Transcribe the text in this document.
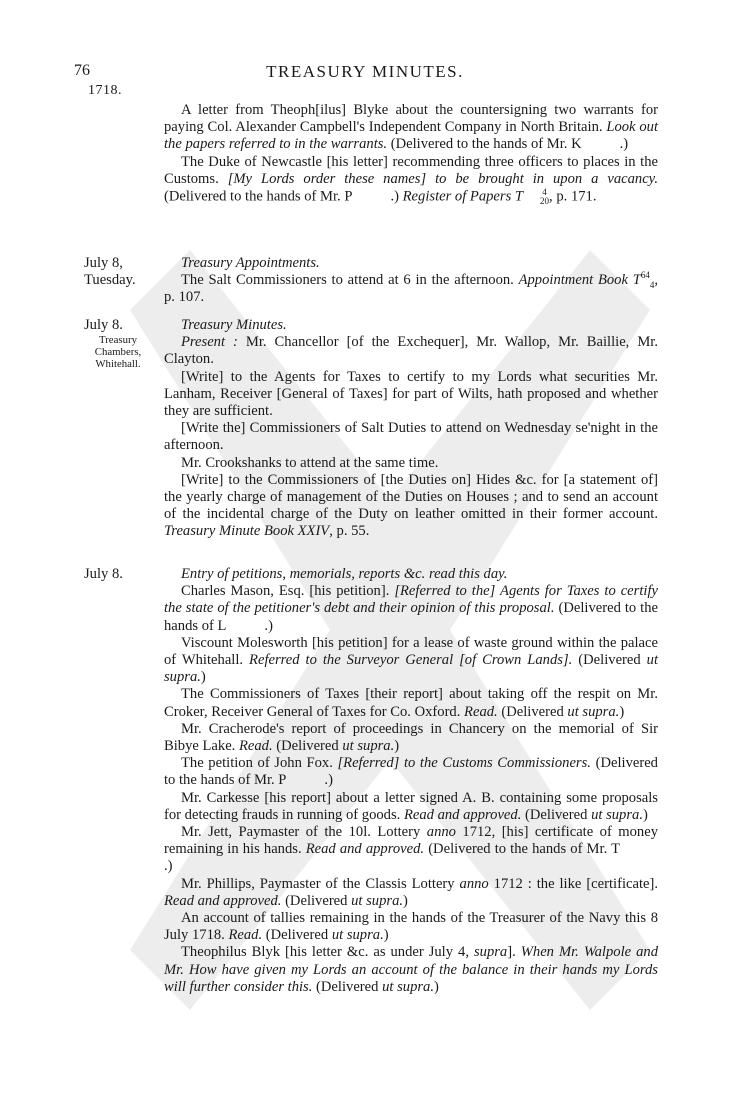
76	TREASURY MINUTES.
1718.

A letter from Theoph[ilus] Blyke about the countersigning two warrants for paying Col. Alexander Campbell's Independent Company in North Britain. Look out the papers referred to in the warrants. (Delivered to the hands of Mr. K	.)

The Duke of Newcastle [his letter] recommending three officers to places in the Customs. [My Lords order these names] to be brought in upon a vacancy. (Delivered to the hands of Mr. P	.) Register of Papers T	4
20 , p. 171.

July 8,
Tuesday.

Treasury Appointments.

The Salt Commissioners to attend at 6 in the afternoon. Appointment Book $T^{64}_4$, p. 107.

July 8.
Treasury Chambers, Whitehall.

Treasury Minutes.

Present : Mr. Chancellor [of the Exchequer], Mr. Wallop, Mr. Baillie, Mr. Clayton.

[Write] to the Agents for Taxes to certify to my Lords what securities Mr. Lanham, Receiver [General of Taxes] for part of Wilts, hath proposed and whether they are sufficient.

[Write the] Commissioners of Salt Duties to attend on Wednesday se'night in the afternoon.

Mr. Crookshanks to attend at the same time.

[Write] to the Commissioners of [the Duties on] Hides &c. for [a statement of] the yearly charge of management of the Duties on Houses ; and to send an account of the incidental charge of the Duty on leather omitted in their former account. Treasury Minute Book XXIV, p. 55.

July 8.	Entry of petitions, memorials, reports &c. read this day.

Charles Mason, Esq. [his petition]. [Referred to the] Agents for Taxes to certify the state of the petitioner's debt and their opinion of this proposal. (Delivered to the hands of L	.)

Viscount Molesworth [his petition] for a lease of waste ground within the palace of Whitehall. Referred to the Surveyor General [of Crown Lands]. (Delivered ut supra.)

The Commissioners of Taxes [their report] about taking off the respit on Mr. Croker, Receiver General of Taxes for Co. Oxford. Read. (Delivered ut supra.)

Mr. Cracherode's report of proceedings in Chancery on the memorial of Sir Bibye Lake. Read. (Delivered ut supra.)

The petition of John Fox. [Referred] to the Customs Commissioners. (Delivered to the hands of Mr. P	.)

Mr. Carkesse [his report] about a letter signed A. B. containing some proposals for detecting frauds in running of goods. Read and approved. (Delivered ut supra.)

Mr. Jett, Paymaster of the 10l. Lottery anno 1712, [his] certificate of money remaining in his hands. Read and approved. (Delivered to the hands of Mr. T.)

Mr. Phillips, Paymaster of the Classis Lottery anno 1712 : the like [certificate]. Read and approved. (Delivered ut supra.)

An account of tallies remaining in the hands of the Treasurer of the Navy this 8 July 1718. Read. (Delivered ut supra.)

Theophilus Blyk [his letter &c. as under July 4, supra]. When Mr. Walpole and Mr. How have given my Lords an account of the balance in their hands my Lords will further consider this. (Delivered ut supra.)
